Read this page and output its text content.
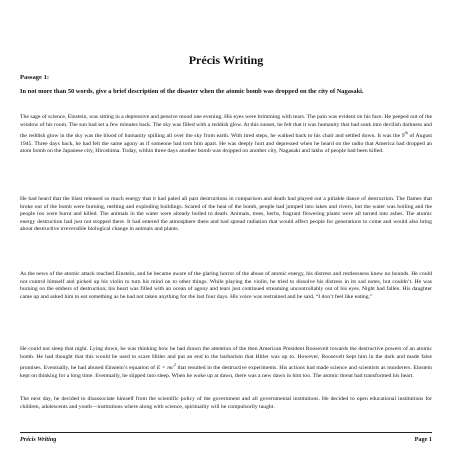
Précis Writing
Passage 1:
In not more than 50 words, give a brief description of the disaster when the atomic bomb was dropped on the city of Nagasaki.

The sage of science, Einstein, was sitting in a depressive and pensive mood one evening. His eyes were brimming with tears. The pain was evident on his face. He peeped out of the window of his room. The sun had set a few minutes back. The sky was filled with a reddish glow. At this sunset, he felt that it was humanity that had sunk into devilish darkness and the reddish glow in the sky was the blood of humanity spilling all over the sky from earth. With tired steps, he walked back to his chair and settled down. It was the 9th of August 1945. Three days back, he had felt the same agony as if someone had torn him apart. He was deeply hurt and depressed when he heard on the radio that America had dropped an atom bomb on the Japanese city, Hiroshima. Today, within three days another bomb was dropped on another city, Nagasaki and lakhs of people had been killed.

He had heard that the blast released so much energy that it had paled all past destructions in comparison and death had played out a pitiable dance of destruction. The flames that broke out of the bomb were burning, melting and exploding buildings. Scared of the heat of the bomb, people had jumped into lakes and rivers, but the water was boiling and the people too were burnt and killed. The animals in the water were already boiled to death. Animals, trees, herbs, fragrant flowering plants were all turned into ashes. The atomic energy destruction had just not stopped there. It had entered the atmosphere there and had spread radiation that would affect people for generations to come and would also bring about destructive irreversible biological change in animals and plants.

As the news of the atomic attack reached Einstein, and he became aware of the glaring horror of the abuse of atomic energy, his distress and restlessness knew no bounds. He could not control himself and picked up his violin to turn his mind on to other things. While playing the violin, he tried to dissolve his distress in its sad notes, but couldn’t. He was burning on the embers of destruction; his heart was filled with an ocean of agony and tears just continued streaming uncontrollably out of his eyes. Night had fallen. His daughter came up and asked him to eat something as he had not taken anything for the last four days. His voice was restrained and he said, “I don’t feel like eating.”

He could not sleep that night. Lying down, he was thinking how he had drawn the attention of the then American President Roosevelt towards the destructive powers of an atomic bomb. He had thought that this would be used to scare Hitler and put an end to the barbarism that Hitler was up to. However, Roosevelt kept him in the dark and made false promises. Eventually, he had abused Einstein’s equation of $E = mc^2$ that resulted in the destructive experiments. His actions had made science and scientists as murderers. Einstein kept on thinking for a long time. Eventually, he slipped into sleep. When he woke up at dawn, there was a new dawn in him too. The atomic threat had transformed his heart.

The next day, he decided to disassociate himself from the scientific policy of the government and all governmental institutions. He decided to open educational institutions for children, adolescents and youth—institutions where along with science, spirituality will be compulsorily taught.

Précis Writing	Page 1
